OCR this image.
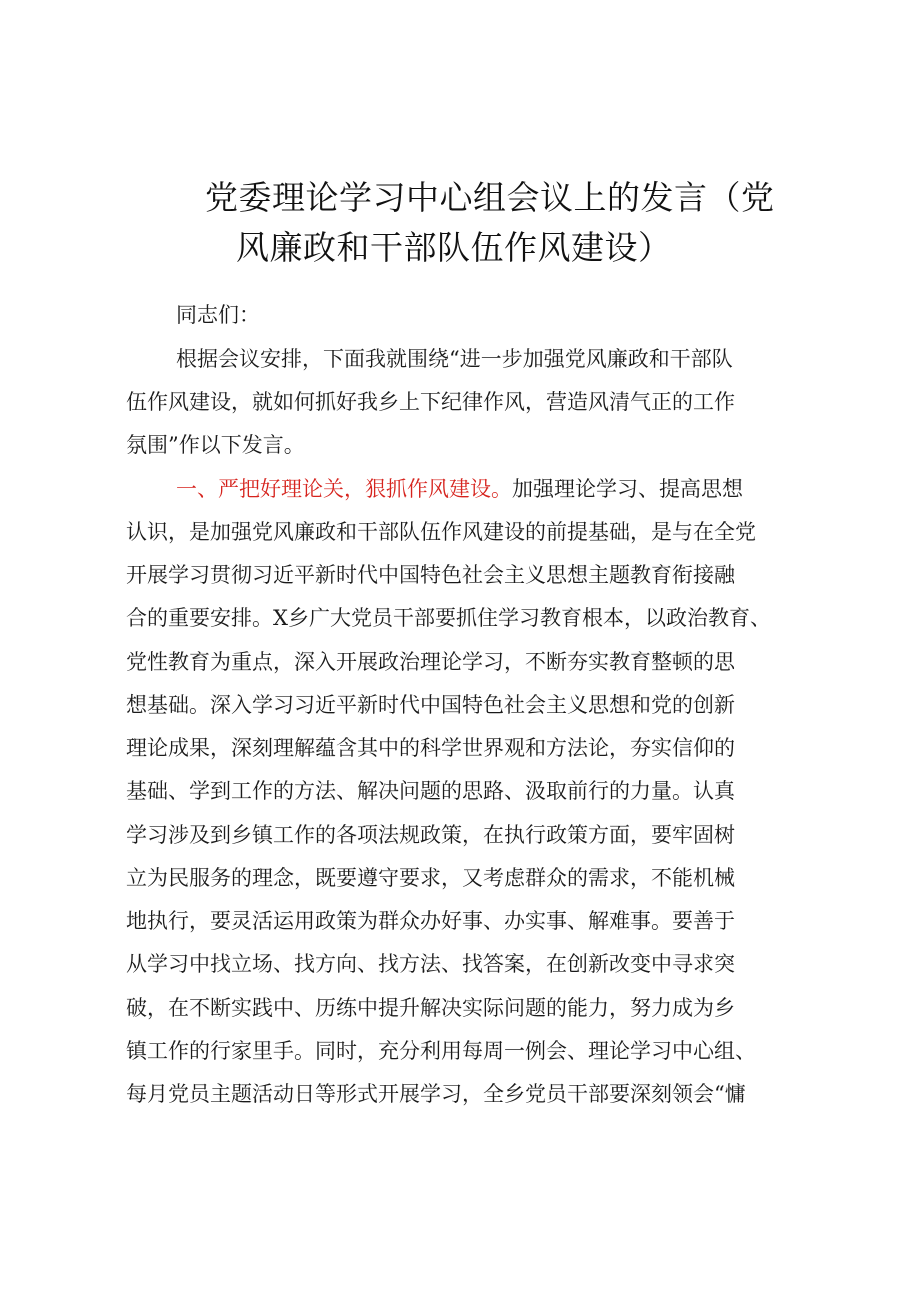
党委理论学习中心组会议上的发言（党
风廉政和干部队伍作风建设）
同志们：
根据会议安排，下面我就围绕“进一步加强党风廉政和干部队
伍作风建设，就如何抓好我乡上下纪律作风，营造风清气正的工作
氛围”作以下发言。
一、严把好理论关，狠抓作风建设。加强理论学习、提高思想
认识，是加强党风廉政和干部队伍作风建设的前提基础，是与在全党
开展学习贯彻习近平新时代中国特色社会主义思想主题教育衔接融
合的重要安排。X乡广大党员干部要抓住学习教育根本，以政治教育、
党性教育为重点，深入开展政治理论学习，不断夯实教育整顿的思
想基础。深入学习习近平新时代中国特色社会主义思想和党的创新
理论成果，深刻理解蕴含其中的科学世界观和方法论，夯实信仰的
基础、学到工作的方法、解决问题的思路、汲取前行的力量。认真
学习涉及到乡镇工作的各项法规政策，在执行政策方面，要牢固树
立为民服务的理念，既要遵守要求，又考虑群众的需求，不能机械
地执行，要灵活运用政策为群众办好事、办实事、解难事。要善于
从学习中找立场、找方向、找方法、找答案，在创新改变中寻求突
破，在不断实践中、历练中提升解决实际问题的能力，努力成为乡
镇工作的行家里手。同时，充分利用每周一例会、理论学习中心组、
每月党员主题活动日等形式开展学习，全乡党员干部要深刻领会“慵
